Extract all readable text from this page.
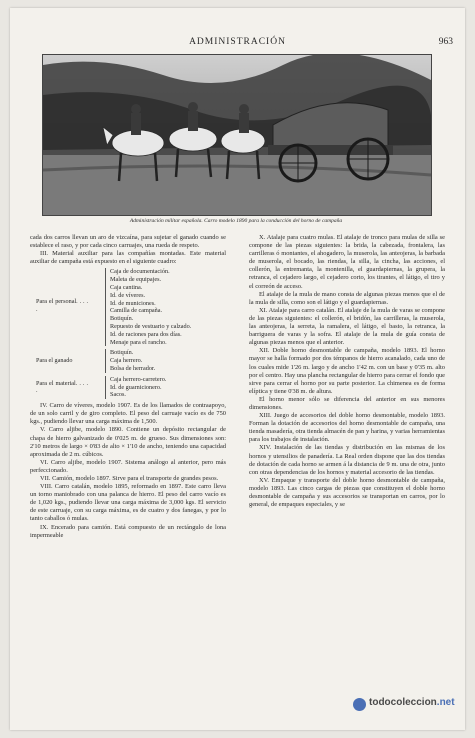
ADMINISTRACIÓN	963
Administración militar española. Carro modelo 1890 para la conducción del horno de campaña

cada dos carros llevan un aro de vizcaína, para sujetar el ganado cuando se establece el raso, y por cada cinco carruajes, una rueda de respeto.

III. Material auxiliar para las compañías montadas. Este material auxiliar de campaña está expuesto en el siguiente cuadro:

Para el personal. . . . .
Caja de documentación.
Maleta de equipajes.
Caja cantina.
Id. de víveres.
Id. de municiones.
Camilla de campaña.
Botiquín.
Repuesto de vestuario y calzado.
Id. de raciones para dos días.
Menaje para el rancho.
Para el ganado
Botiquín.
Caja herrero.
Bolsa de herrador.
Para el material. . . . .
Caja herrero-carretero.
Id. de guarnicionero.
Sacos.

IV. Carro de víveres, modelo 1907. Es de los llamados de contraapoyo, de un solo carril y de giro completo. El peso del carruaje vacío es de 750 kgs., pudiendo llevar una carga máxima de 1,500.

V. Carro aljibe, modelo 1890. Contiene un depósito rectangular de chapa de hierro galvanizado de 0'025 m. de grueso. Sus dimensiones son: 2'10 metros de largo × 0'83 de alto × 1'10 de ancho, teniendo una capacidad aproximada de 2 m. cúbicos.

VI. Carro aljibe, modelo 1907. Sistema análogo al anterior, pero más perfeccionado.

VII. Camión, modelo 1897. Sirve para el transporte de grandes pesos.

VIII. Carro catalán, modelo 1895, reformado en 1897. Este carro lleva un torno maniobrado con una palanca de hierro. El peso del carro vacío es de 1,020 kgs., pudiendo llevar una carga máxima de 3,000 kgs. El servicio de este carruaje, con su carga máxima, es de cuatro y dos fanegas, y por lo tanto caballos ó mulas.

IX. Encerado para camión. Está compuesto de un rectángulo de lona impermeable

X. Atalaje para cuatro mulas. El atalaje de tronco para mulas de silla se compone de las piezas siguientes: la brida, la cabezada, frontalera, las carrilleras ó montantes, el ahogadero, la muserola, las anteojeras, la barbada de muserola, el bocado, las riendas, la silla, la cincha, las acciones, el collerón, la entremanta, la montenilla, el guardapiernas, la grupera, la retranca, el cejadero largo, el cejadero corto, los tirantes, el látigo, el tiro y el correón de acceso.

El atalaje de la mula de mano consta de algunas piezas menos que el de la mula de silla, como son el látigo y el guardapiernas.

XI. Atalaje para carro catalán. El atalaje de la mula de varas se compone de las piezas siguientes: el collerón, el bridón, las carrilleras, la muserola, las anteojeras, la serreta, la ramalera, el látigo, el basto, la retranca, la barriguera de varas y la sofra. El atalaje de la mula de guía consta de algunas piezas menos que el anterior.

XII. Doble horno desmontable de campaña, modelo 1893. El horno mayor se halla formado por dos témpanos de hierro acanalado, cada uno de los cuales mide 1'26 m. largo y de ancho 1'42 m. con un base y 0'35 m. alto por el centro. Hay una plancha rectangular de hierro para cerrar el fondo que sirve para cerrar el horno por su parte posterior. La chimenea es de forma elíptica y tiene 0'38 m. de altura.

El horno menor sólo se diferencia del anterior en sus menores dimensiones.

XIII. Juego de accesorios del doble horno desmontable, modelo 1893. Forman la dotación de accesorios del horno desmontable de campaña, una tienda masadería, otra tienda almacén de pan y harina, y varias herramientas para los trabajos de instalación.

XIV. Instalación de las tiendas y distribución en las mismas de los hornos y utensilios de panadería. La Real orden dispone que las dos tiendas de dotación de cada horno se armen á la distancia de 9 m. una de otra, junto con otras dependencias de los hornos y material accesorio de las tiendas.

XV. Empaque y transporte del doble horno desmontable de campaña, modelo 1893. Las cinco cargas de piezas que constituyen el doble horno desmontable de campaña y sus accesorios se transportan en carros, por lo general, de empaques especiales, y se

todocoleccion.net
